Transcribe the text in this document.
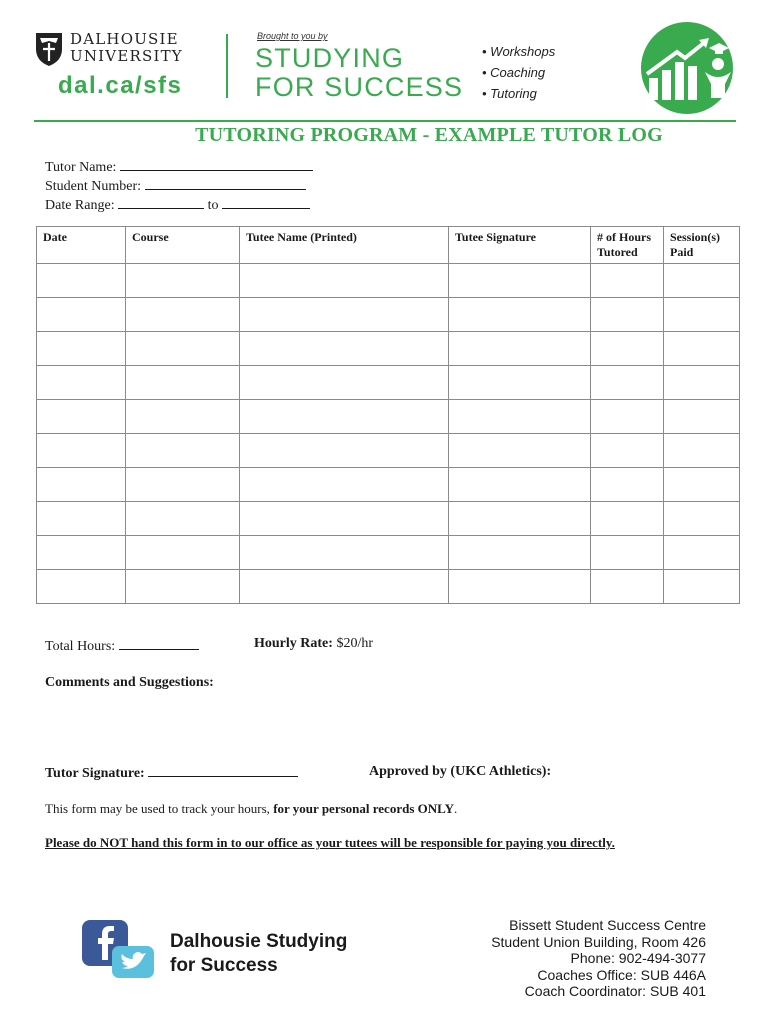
DALHOUSIE
UNIVERSITY
dal.ca/sfs
Brought to you by
STUDYING
FOR SUCCESS
• Workshops
• Coaching
• Tutoring
TUTORING PROGRAM - EXAMPLE TUTOR LOG
Tutor Name:
Student Number:
Date Range:	to
Date	Course	Tutee Name (Printed)	Tutee Signature	# of Hours Tutored	Session(s) Paid

Total Hours:	Hourly Rate: $20/hr
Comments and Suggestions:
Tutor Signature:	Approved by (UKC Athletics):
This form may be used to track your hours, for your personal records ONLY.
Please do NOT hand this form in to our office as your tutees will be responsible for paying you directly.
Dalhousie Studying
for Success
Bissett Student Success Centre
Student Union Building, Room 426
Phone: 902-494-3077
Coaches Office: SUB 446A
Coach Coordinator: SUB 401
